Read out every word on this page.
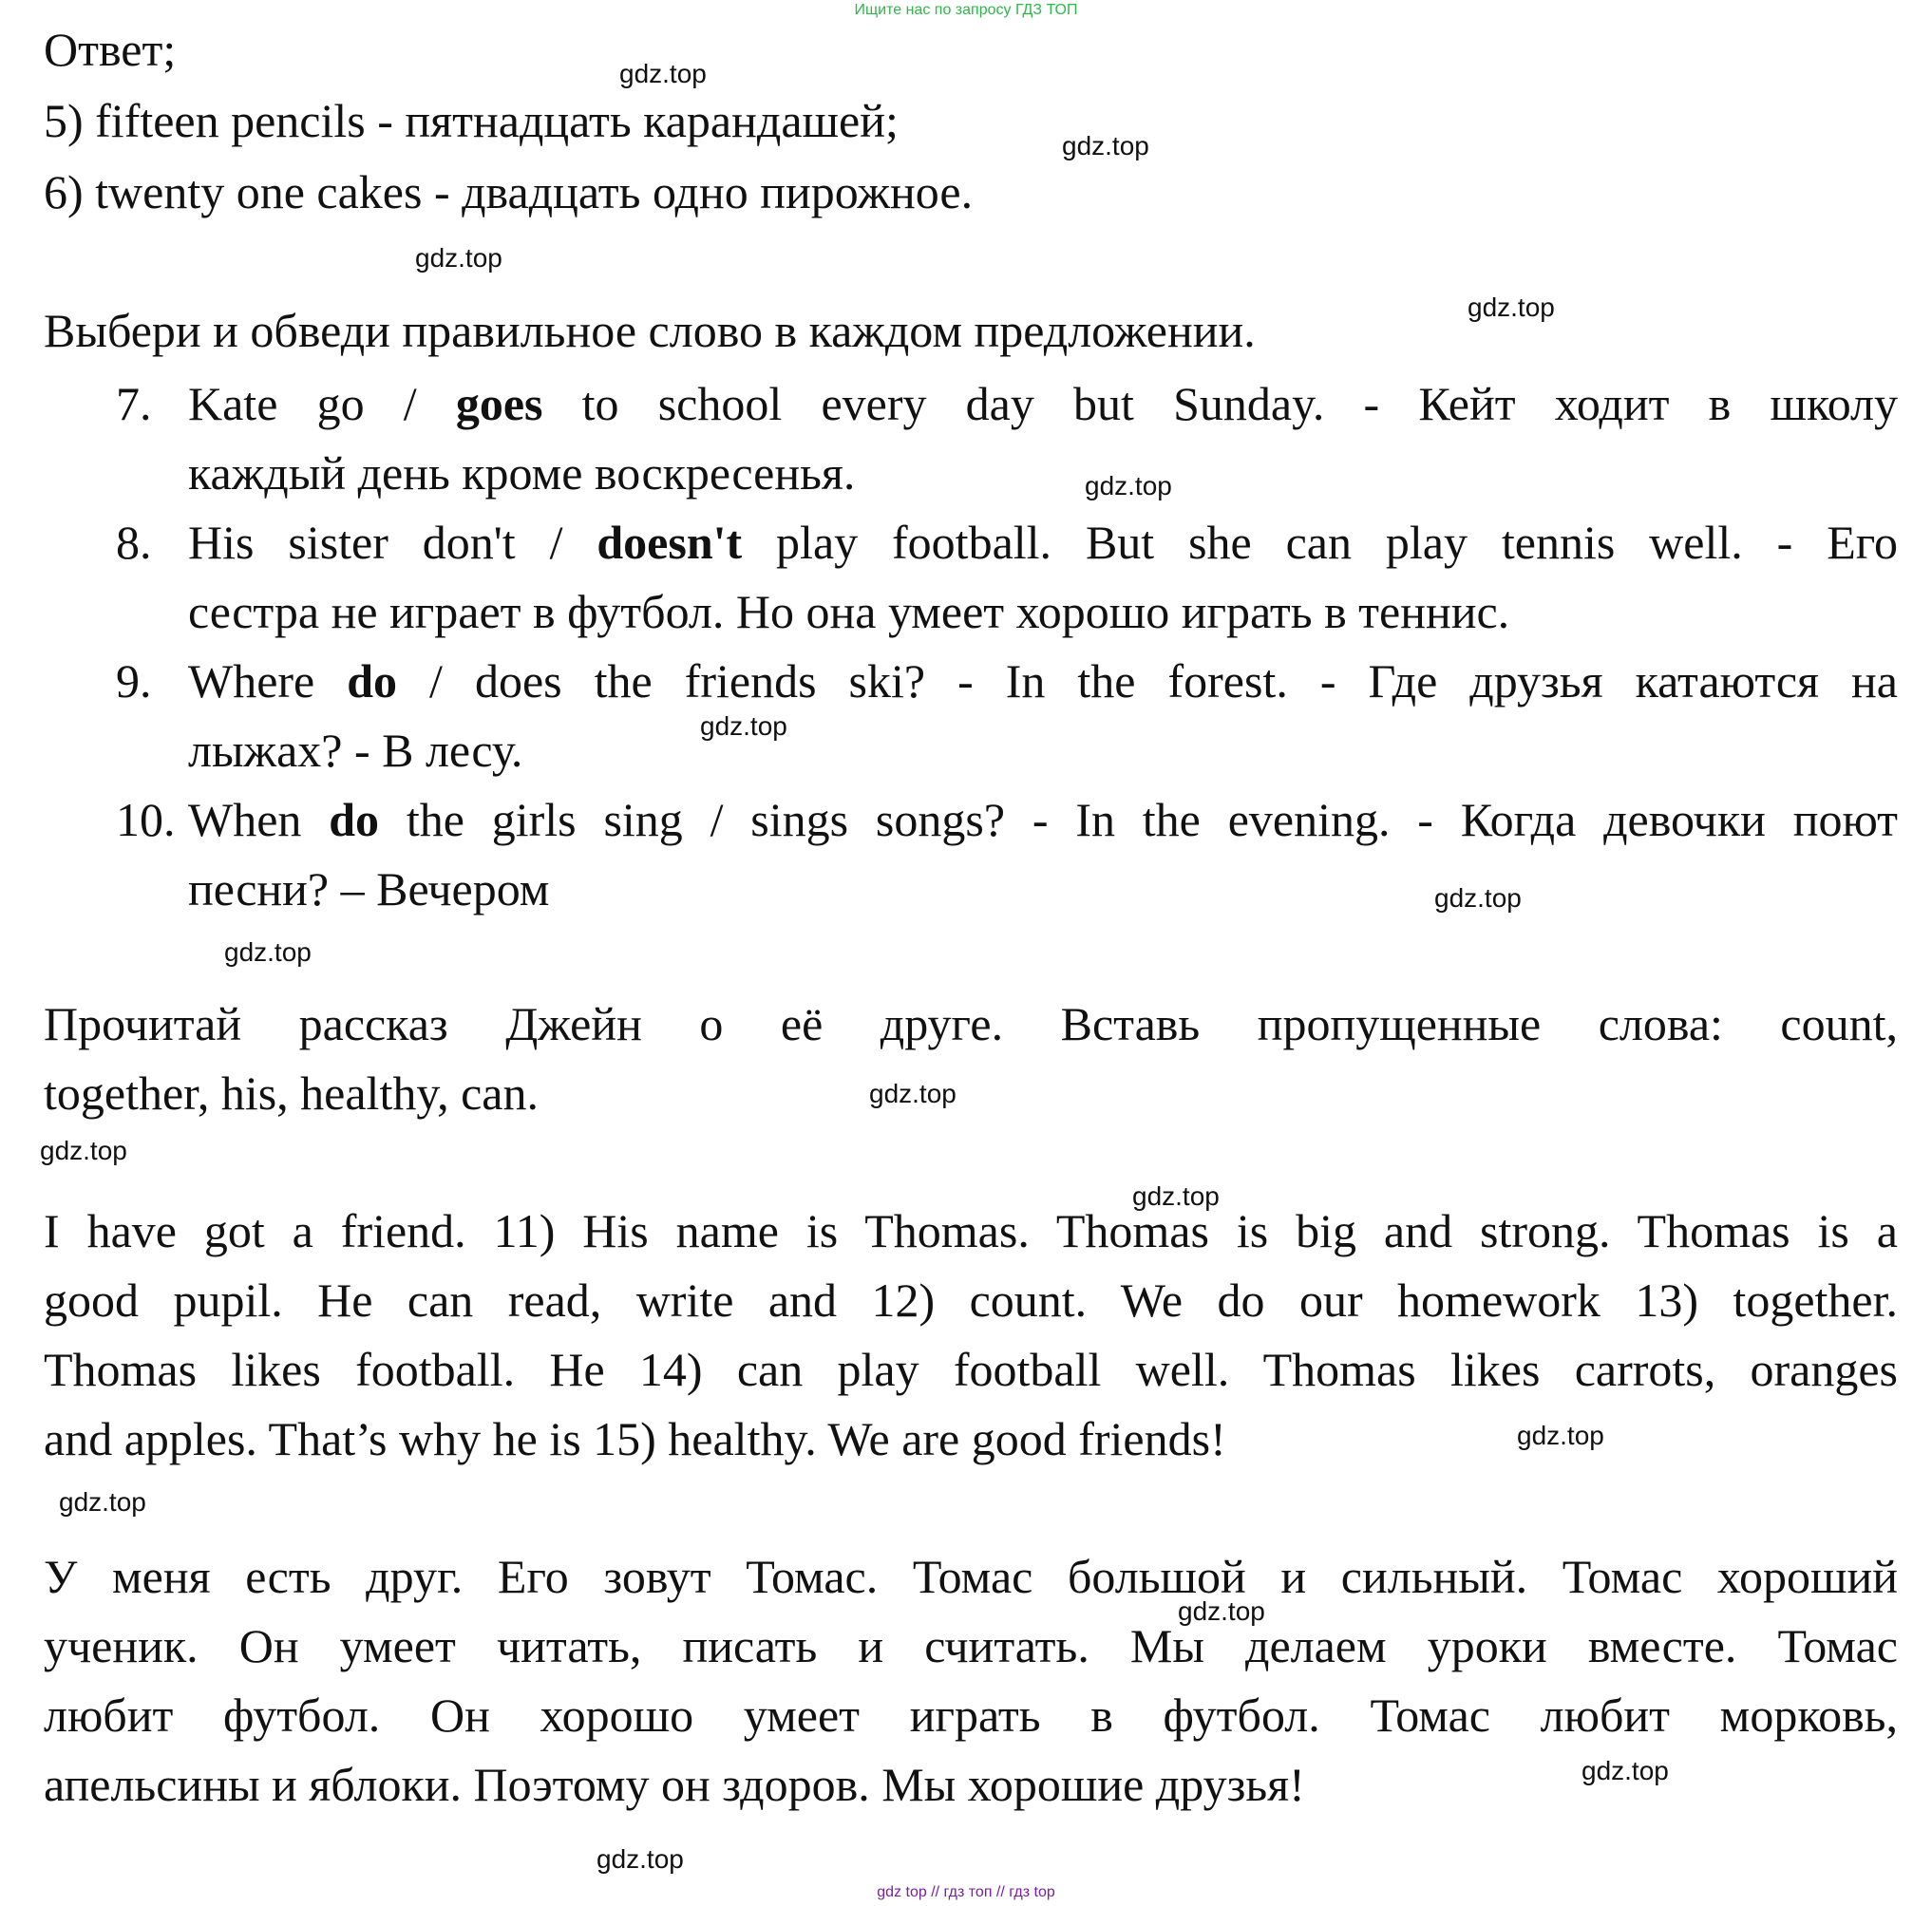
Ищите нас по запросу ГДЗ ТОП
Ответ;
5) fifteen pencils - пятнадцать карандашей;
6) twenty one cakes - двадцать одно пирожное.
Выбери и обведи правильное слово в каждом предложении.
7. Kate go / goes to school every day but Sunday. - Кейт ходит в школу
каждый день кроме воскресенья.
8. His sister don't / doesn't play football. But she can play tennis well. - Его
сестра не играет в футбол. Но она умеет хорошо играть в теннис.
9. Where do / does the friends ski? - In the forest. - Где друзья катаются на
лыжах? - В лесу.
10. When do the girls sing / sings songs? - In the evening. - Когда девочки поют
песни? – Вечером
Прочитай рассказ Джейн о её друге. Вставь пропущенные слова: count,
together, his, healthy, can.
I have got a friend. 11) His name is Thomas. Thomas is big and strong. Thomas is a
good pupil. He can read, write and 12) count. We do our homework 13) together.
Thomas likes football. He 14) can play football well. Thomas likes carrots, oranges
and apples. That’s why he is 15) healthy. We are good friends!
У меня есть друг. Его зовут Томас. Томас большой и сильный. Томас хороший
ученик. Он умеет читать, писать и считать. Мы делаем уроки вместе. Томас
любит футбол. Он хорошо умеет играть в футбол. Томас любит морковь,
апельсины и яблоки. Поэтому он здоров. Мы хорошие друзья!
gdz.top
gdz.top
gdz.top
gdz.top
gdz.top
gdz.top
gdz.top
gdz.top
gdz.top
gdz.top
gdz.top
gdz.top
gdz.top
gdz.top
gdz.top
gdz.top
gdz top // гдз топ // гдз top
